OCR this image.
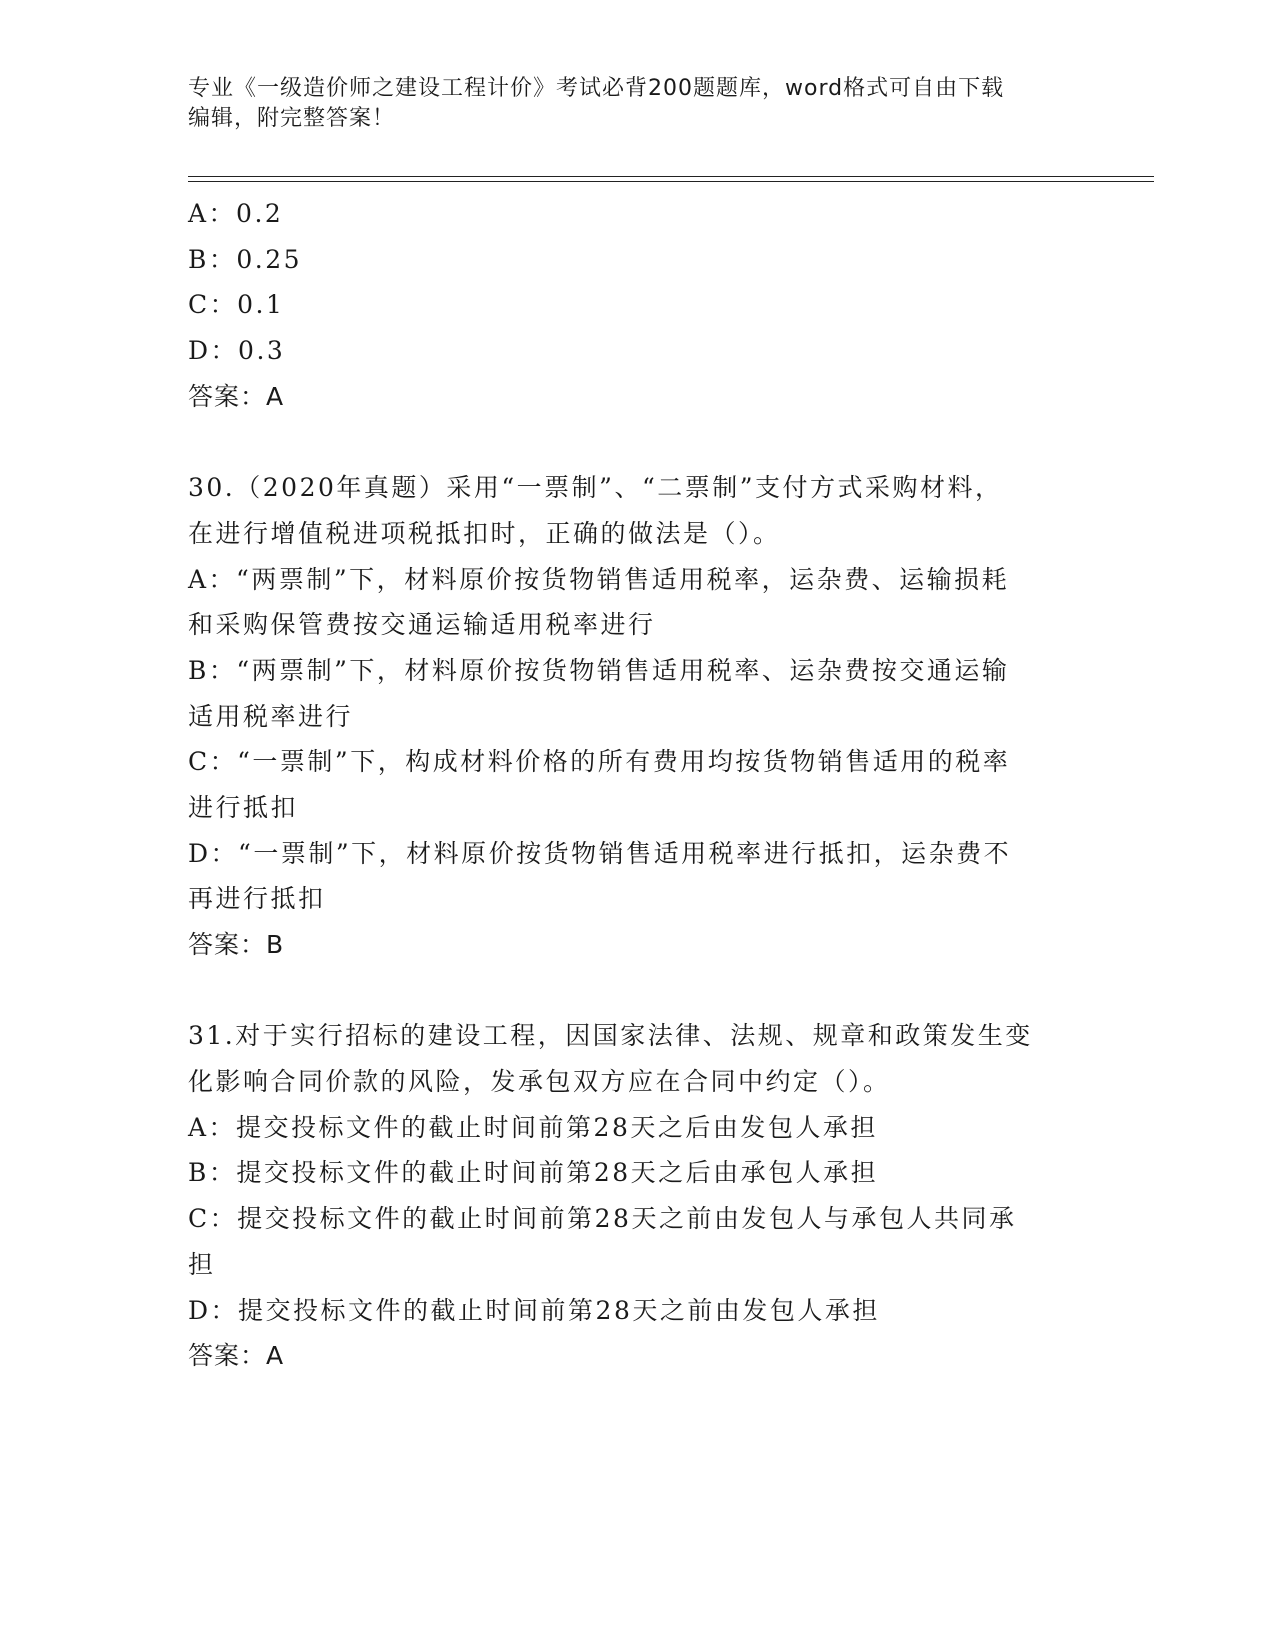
专业《一级造价师之建设工程计价》考试必背200题题库，word格式可自由下载
编辑，附完整答案！
A：0.2
B：0.25
C：0.1
D：0.3
答案：A
30.（2020年真题）采用“一票制”、“二票制”支付方式采购材料，
在进行增值税进项税抵扣时，正确的做法是（）。
A：“两票制”下，材料原价按货物销售适用税率，运杂费、运输损耗
和采购保管费按交通运输适用税率进行
B：“两票制”下，材料原价按货物销售适用税率、运杂费按交通运输
适用税率进行
C：“一票制”下，构成材料价格的所有费用均按货物销售适用的税率
进行抵扣
D：“一票制”下，材料原价按货物销售适用税率进行抵扣，运杂费不
再进行抵扣
答案：B
31.对于实行招标的建设工程，因国家法律、法规、规章和政策发生变
化影响合同价款的风险，发承包双方应在合同中约定（）。
A：提交投标文件的截止时间前第28天之后由发包人承担
B：提交投标文件的截止时间前第28天之后由承包人承担
C：提交投标文件的截止时间前第28天之前由发包人与承包人共同承
担
D：提交投标文件的截止时间前第28天之前由发包人承担
答案：A
